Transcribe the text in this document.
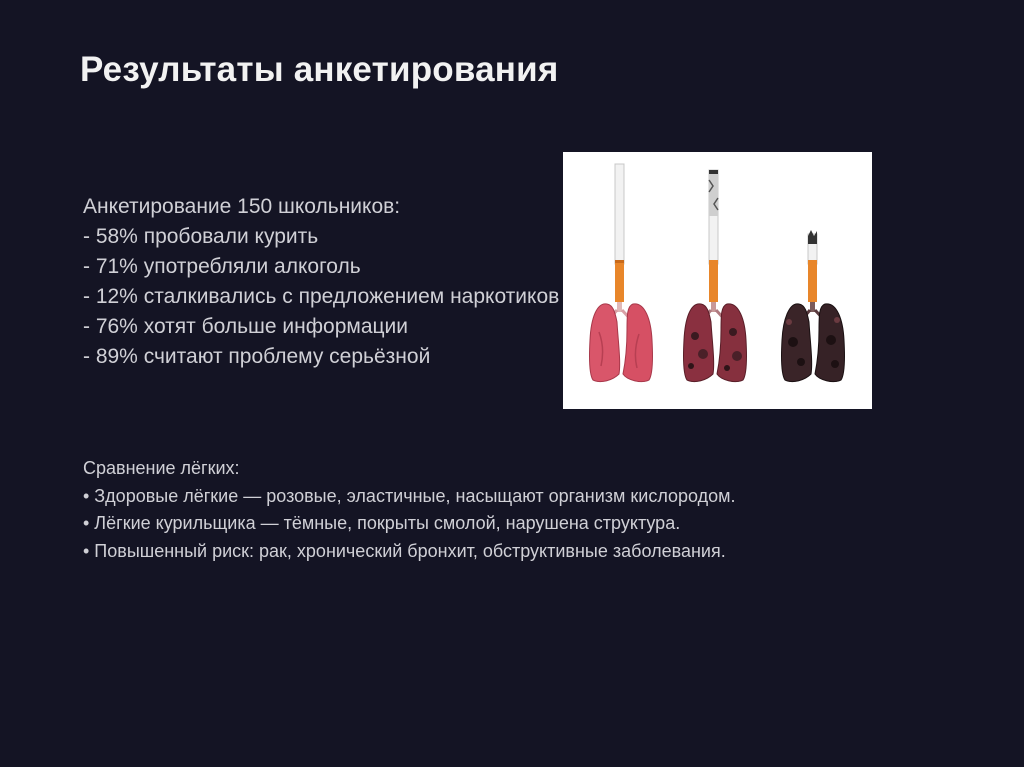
Результаты анкетирования

Анкетирование 150 школьников:

- 58% пробовали курить

- 71% употребляли алкоголь

- 12% сталкивались с предложением наркотиков

- 76% хотят больше информации

- 89% считают проблему серьёзной

Сравнение лёгких:

• Здоровые лёгкие — розовые, эластичные, насыщают организм кислородом.

• Лёгкие курильщика — тёмные, покрыты смолой, нарушена структура.

• Повышенный риск: рак, хронический бронхит, обструктивные заболевания.
